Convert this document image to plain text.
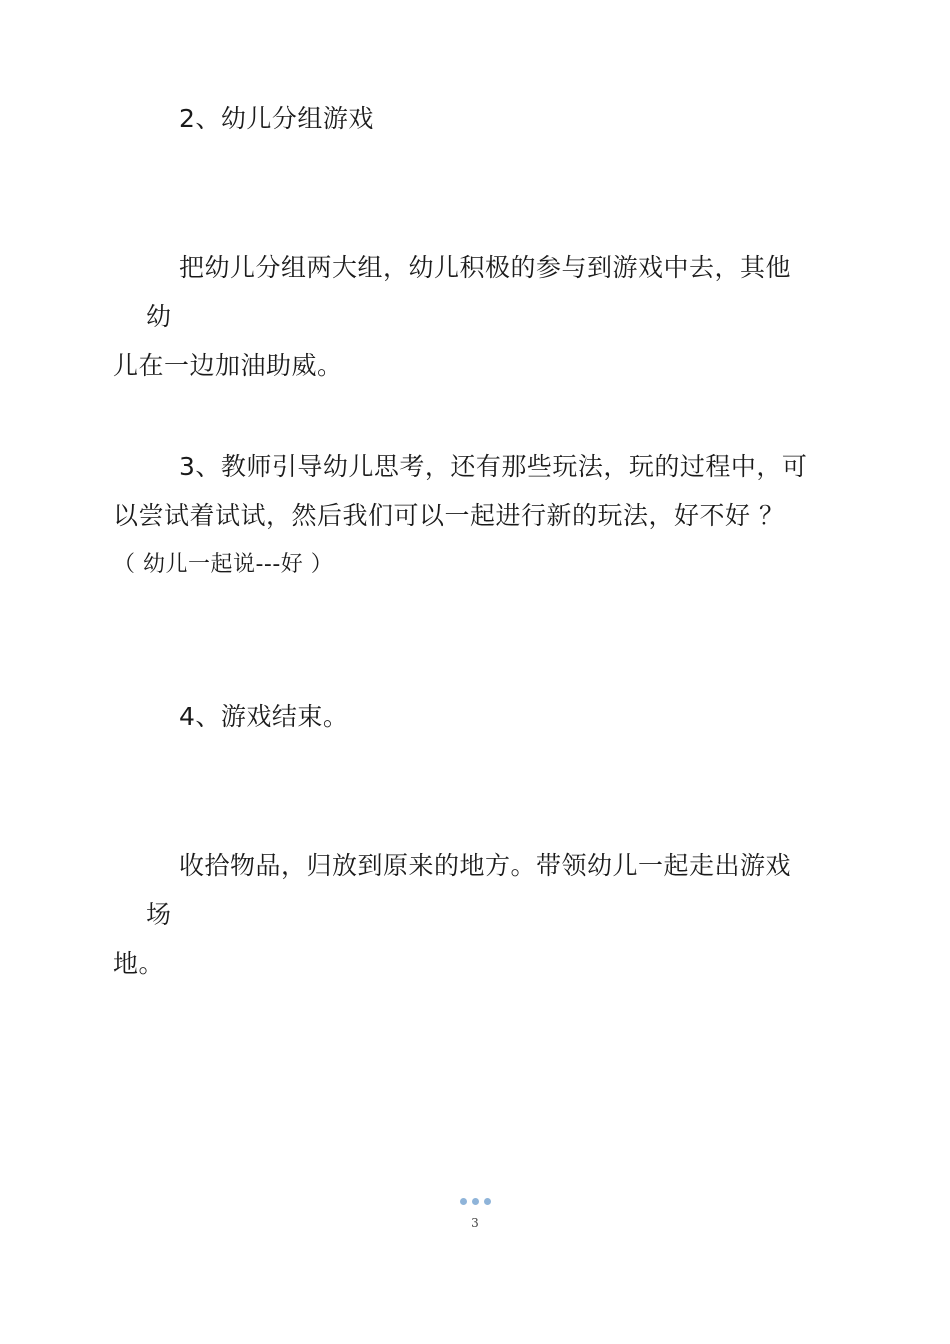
2、幼儿分组游戏

把幼儿分组两大组，幼儿积极的参与到游戏中去，其他幼
儿在一边加油助威。

3、教师引导幼儿思考，还有那些玩法，玩的过程中，可
以尝试着试试，然后我们可以一起进行新的玩法，好不好 ？
（ 幼儿一起说---好 ）

4、游戏结束。

收拾物品，归放到原来的地方。带领幼儿一起走出游戏场
地。

3
